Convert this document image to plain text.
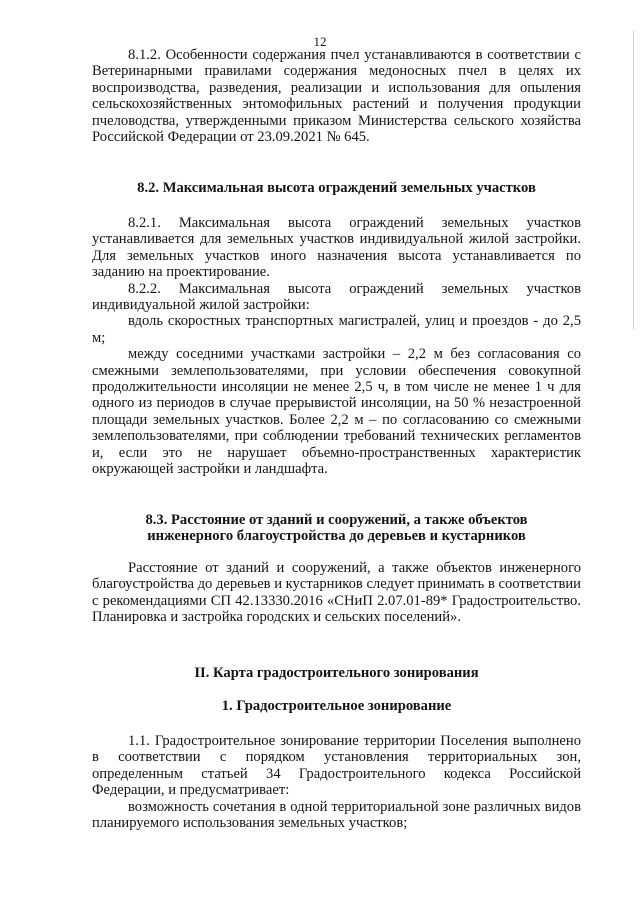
12

8.1.2. Особенности содержания пчел устанавливаются в соответствии с Ветеринарными правилами содержания медоносных пчел в целях их воспроизводства, разведения, реализации и использования для опыления сельскохозяйственных энтомофильных растений и получения продукции пчеловодства, утвержденными приказом Министерства сельского хозяйства Российской Федерации от 23.09.2021 № 645.

8.2. Максимальная высота ограждений земельных участков

8.2.1. Максимальная высота ограждений земельных участков устанавливается для земельных участков индивидуальной жилой застройки. Для земельных участков иного назначения высота устанавливается по заданию на проектирование.

8.2.2. Максимальная высота ограждений земельных участков индивидуальной жилой застройки:

вдоль скоростных транспортных магистралей, улиц и проездов - до 2,5 м;

между соседними участками застройки – 2,2 м без согласования со смежными землепользователями, при условии обеспечения совокупной продолжительности инсоляции не менее 2,5 ч, в том числе не менее 1 ч для одного из периодов в случае прерывистой инсоляции, на 50 % незастроенной площади земельных участков. Более 2,2 м – по согласованию со смежными землепользователями, при соблюдении требований технических регламентов и, если это не нарушает объемно-пространственных характеристик окружающей застройки и ландшафта.

8.3. Расстояние от зданий и сооружений, а также объектов
инженерного благоустройства до деревьев и кустарников

Расстояние от зданий и сооружений, а также объектов инженерного благоустройства до деревьев и кустарников следует принимать в соответствии с рекомендациями СП 42.13330.2016 «СНиП 2.07.01-89* Градостроительство. Планировка и застройка городских и сельских поселений».

II. Карта градостроительного зонирования
1. Градостроительное зонирование

1.1. Градостроительное зонирование территории Поселения выполнено в соответствии с порядком установления территориальных зон, определенным статьей 34 Градостроительного кодекса Российской Федерации, и предусматривает:

возможность сочетания в одной территориальной зоне различных видов планируемого использования земельных участков;
